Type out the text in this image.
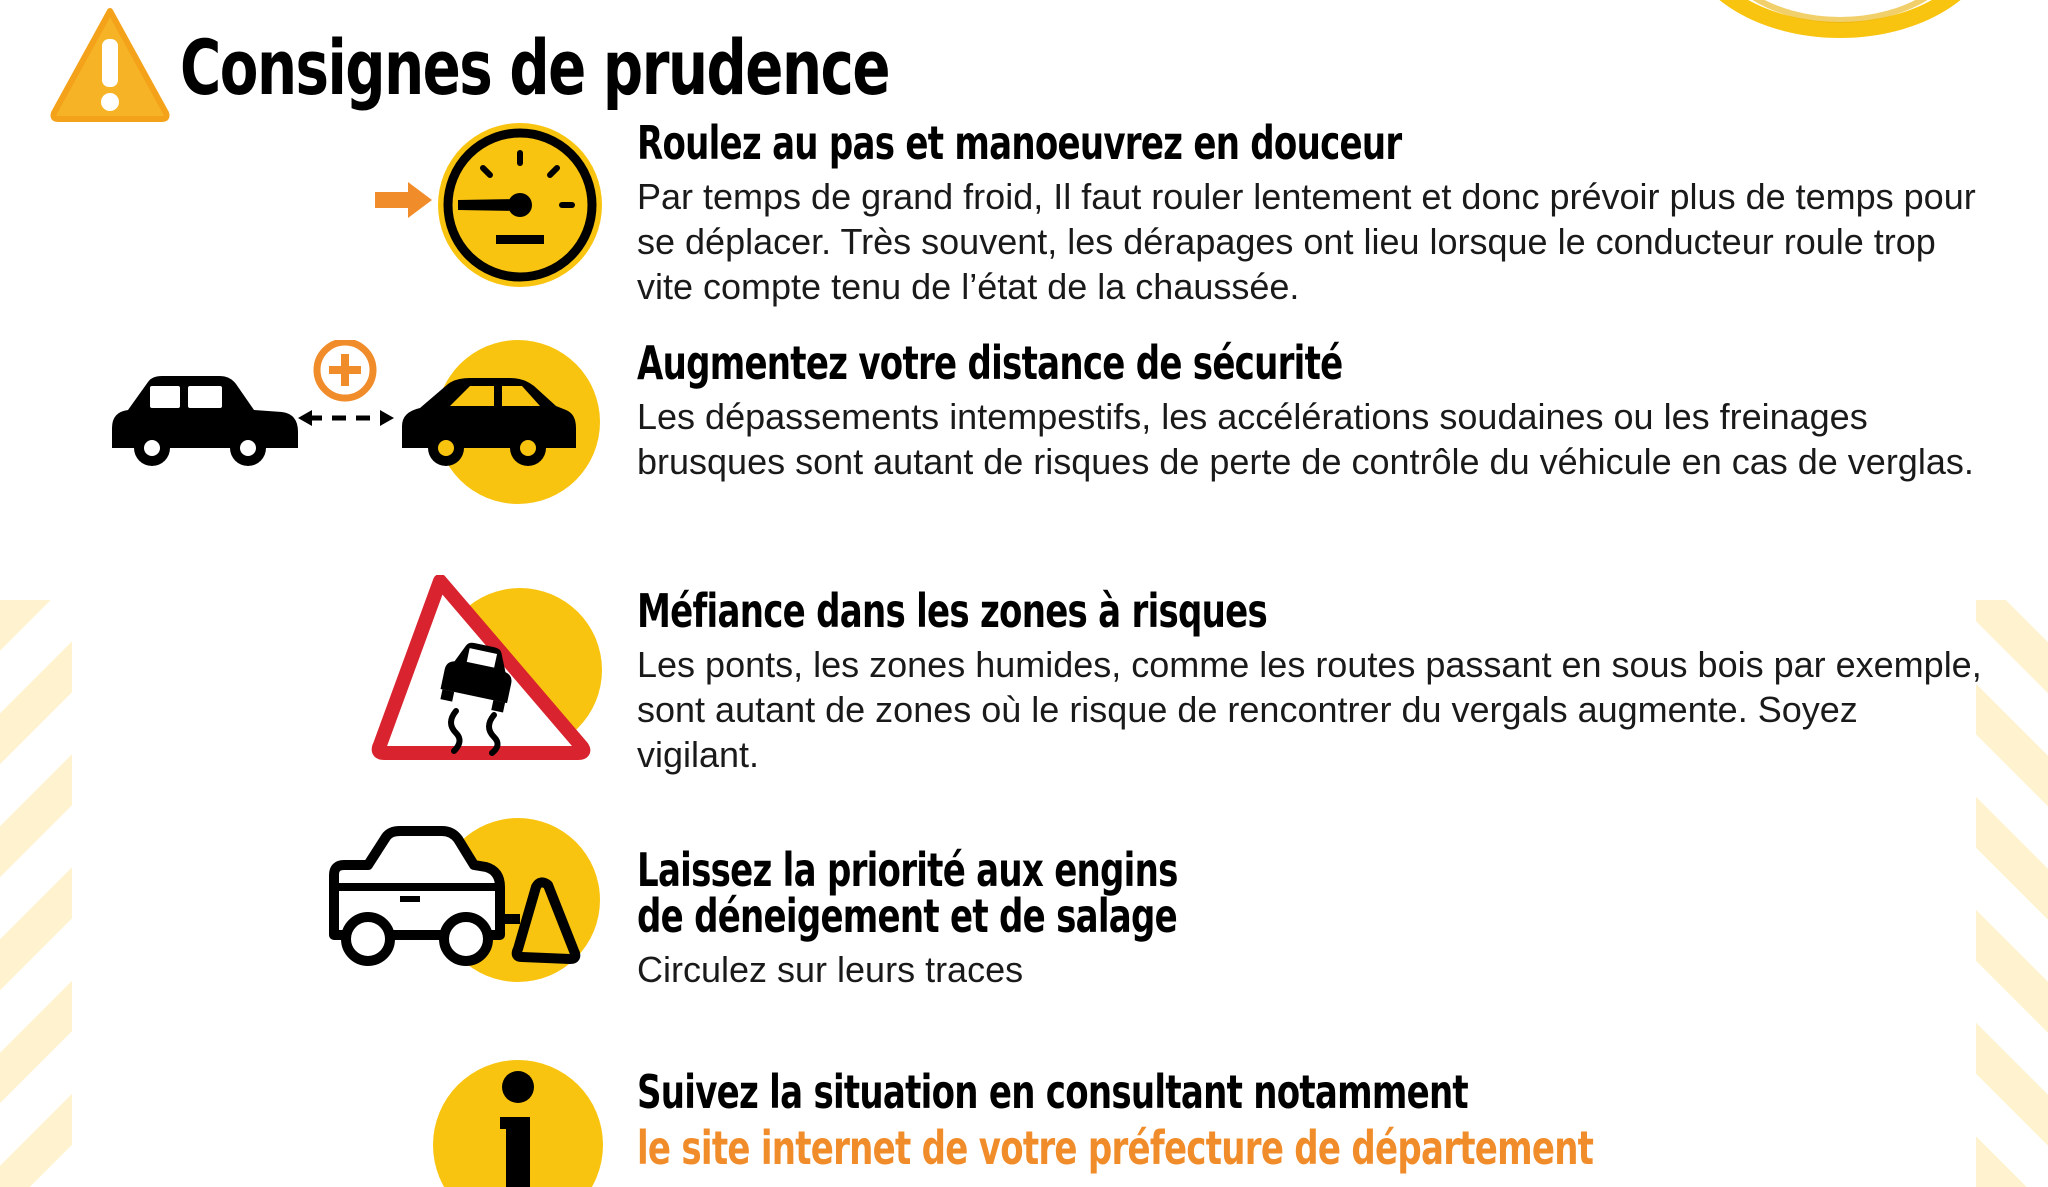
Consignes de prudence
Roulez au pas et manoeuvrez en douceur
Par temps de grand froid, Il faut rouler lentement et donc prévoir plus de temps pour se déplacer. Très souvent, les dérapages ont lieu lorsque le conducteur roule trop vite compte tenu de l’état de la chaussée.
Augmentez votre distance de sécurité
Les dépassements intempestifs, les accélérations soudaines ou les freinages brusques sont autant de risques de perte de contrôle du véhicule en cas de verglas.
Méfiance dans les zones à risques
Les ponts, les zones humides, comme les routes passant en sous bois par exemple, sont autant de zones où le risque de rencontrer du vergals augmente. Soyez vigilant.
Laissez la priorité aux engins
de déneigement et de salage
Circulez sur leurs traces
Suivez la situation en consultant notamment
le site internet de votre préfecture de département
